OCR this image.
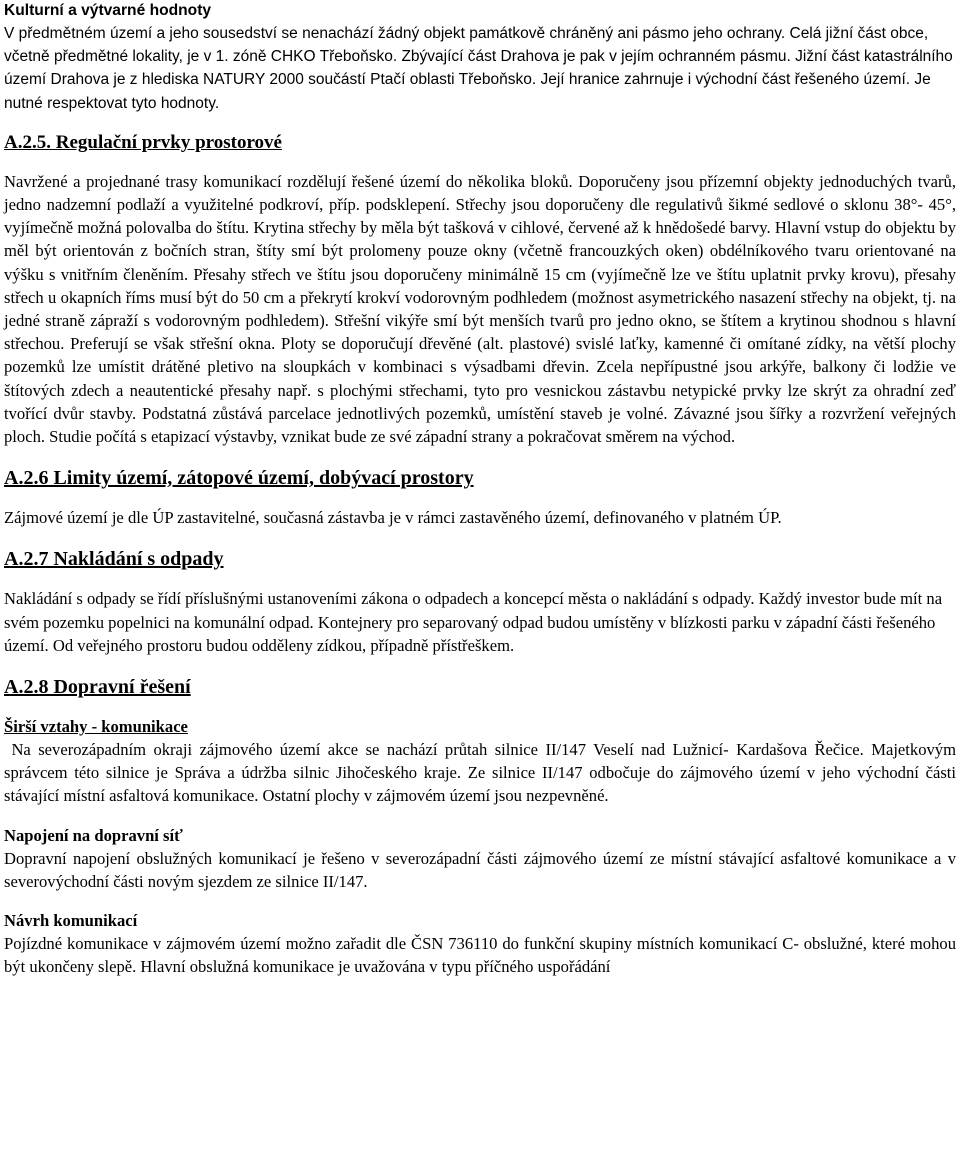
Kulturní a výtvarné hodnoty

V předmětném území a jeho sousedství se nenachází žádný objekt památkově chráněný ani pásmo jeho ochrany. Celá jižní část obce, včetně předmětné lokality, je v 1. zóně CHKO Třeboňsko. Zbývající část Drahova je pak v jejím ochranném pásmu. Jižní část katastrálního území Drahova je z hlediska NATURY 2000 součástí Ptačí oblasti Třeboňsko. Její hranice zahrnuje i východní část řešeného území. Je nutné respektovat tyto hodnoty.

A.2.5. Regulační prvky prostorové

Navržené a projednané trasy komunikací rozdělují řešené území do několika bloků. Doporučeny jsou přízemní objekty jednoduchých tvarů, jedno nadzemní podlaží a využitelné podkroví, příp. podsklepení. Střechy jsou doporučeny dle regulativů šikmé sedlové o sklonu 38°- 45°, vyjímečně možná polovalba do štítu. Krytina střechy by měla být tašková v cihlové, červené až k hnědošedé barvy. Hlavní vstup do objektu by měl být orientován z bočních stran, štíty smí být prolomeny pouze okny (včetně francouzkých oken) obdélníkového tvaru orientované na výšku s vnitřním členěním. Přesahy střech ve štítu jsou doporučeny minimálně 15 cm (vyjímečně lze ve štítu uplatnit prvky krovu), přesahy střech u okapních říms musí být do 50 cm a překrytí krokví vodorovným podhledem (možnost asymetrického nasazení střechy na objekt, tj. na jedné straně zápraží s vodorovným podhledem). Střešní vikýře smí být menších tvarů pro jedno okno, se štítem a krytinou shodnou s hlavní střechou. Preferují se však střešní okna. Ploty se doporučují dřevěné (alt. plastové) svislé laťky, kamenné či omítané zídky, na větší plochy pozemků lze umístit drátěné pletivo na sloupkách v kombinaci s výsadbami dřevin. Zcela nepřípustné jsou arkýře, balkony či lodžie ve štítových zdech a neautentické přesahy např. s plochými střechami, tyto pro vesnickou zástavbu netypické prvky lze skrýt za ohradní zeď tvořící dvůr stavby. Podstatná zůstává parcelace jednotlivých pozemků, umístění staveb je volné. Závazné jsou šířky a rozvržení veřejných ploch. Studie počítá s etapizací výstavby, vznikat bude ze své západní strany a pokračovat směrem na východ.

A.2.6 Limity území, zátopové území, dobývací prostory

Zájmové území je dle ÚP zastavitelné, současná zástavba je v rámci zastavěného území, definovaného v platném ÚP.

A.2.7 Nakládání s odpady

Nakládání s odpady se řídí příslušnými ustanoveními zákona o odpadech a koncepcí města o nakládání s odpady. Každý investor bude mít na svém pozemku popelnici na komunální odpad. Kontejnery pro separovaný odpad budou umístěny v blízkosti parku v západní části řešeného území. Od veřejného prostoru budou odděleny zídkou, případně přístřeškem.

A.2.8 Dopravní řešení
Širší vztahy - komunikace

Na severozápadním okraji zájmového území akce se nachází průtah silnice II/147 Veselí nad Lužnicí- Kardašova Řečice. Majetkovým správcem této silnice je Správa a údržba silnic Jihočeského kraje. Ze silnice II/147 odbočuje do zájmového území v jeho východní části stávající místní asfaltová komunikace. Ostatní plochy v zájmovém území jsou nezpevněné.

Napojení na dopravní síť

Dopravní napojení obslužných komunikací je řešeno v severozápadní části zájmového území ze místní stávající asfaltové komunikace a v severovýchodní části novým sjezdem ze silnice II/147.

Návrh komunikací

Pojízdné komunikace v zájmovém území možno zařadit dle ČSN 736110 do funkční skupiny místních komunikací C- obslužné, které mohou být ukončeny slepě. Hlavní obslužná komunikace je uvažována v typu příčného uspořádání
